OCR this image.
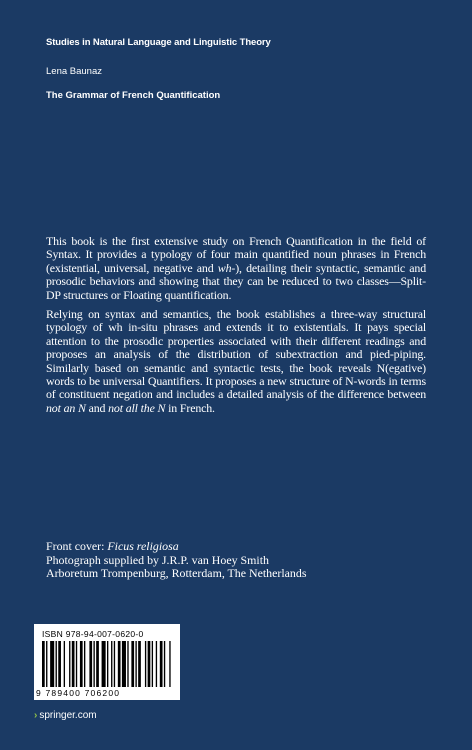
Studies in Natural Language and Linguistic Theory
Lena Baunaz
The Grammar of French Quantification

This book is the first extensive study on French Quantification in the field of Syntax. It provides a typology of four main quantified noun phrases in French (existential, universal, negative and wh-), detailing their syntactic, semantic and prosodic behaviors and showing that they can be reduced to two classes—Split-DP structures or Floating quantification.

Relying on syntax and semantics, the book establishes a three-way structural typology of wh in-situ phrases and extends it to existentials. It pays special attention to the prosodic properties associated with their different readings and proposes an analysis of the distribution of subextraction and pied-piping. Similarly based on semantic and syntactic tests, the book reveals N(egative) words to be universal Quantifiers. It proposes a new structure of N-words in terms of constituent negation and includes a detailed analysis of the difference between not an N and not all the N in French.

Front cover: Ficus religiosa
Photograph supplied by J.R.P. van Hoey Smith
Arboretum Trompenburg, Rotterdam, The Netherlands
ISBN 978-94-007-0620-0
9 789400 706200
› springer.com
